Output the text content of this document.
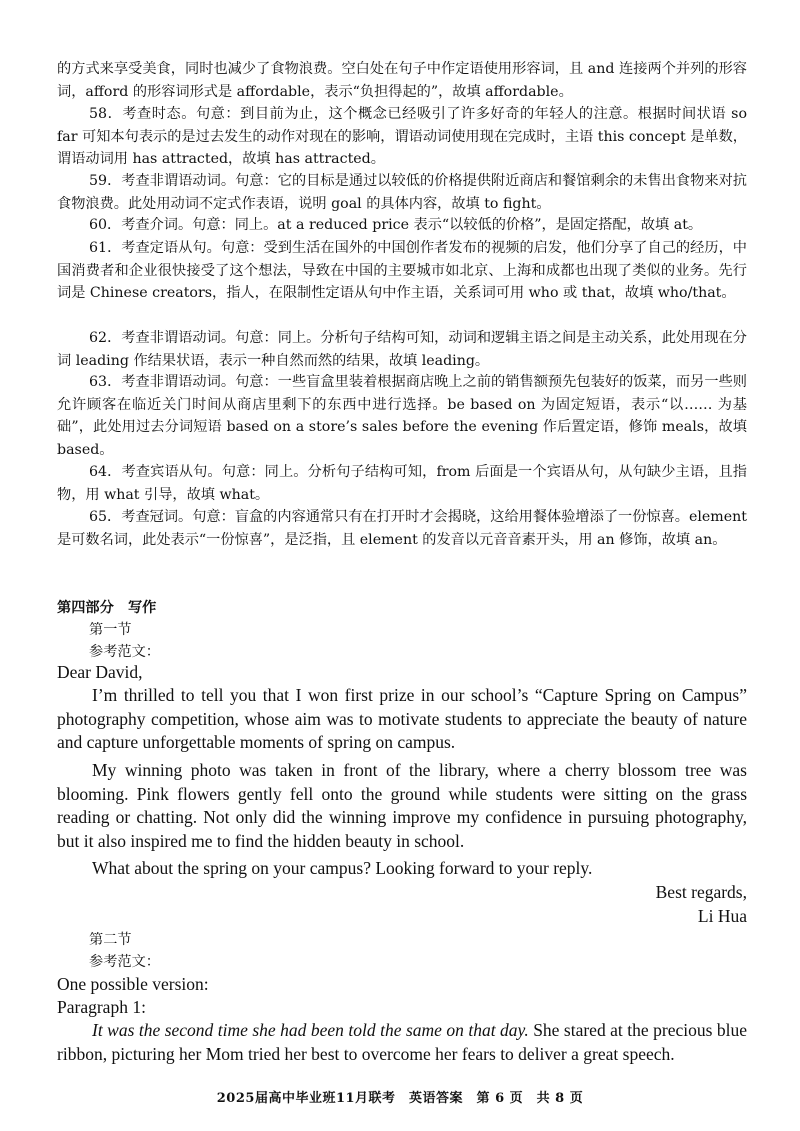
的方式来享受美食，同时也减少了食物浪费。空白处在句子中作定语使用形容词，且 and 连接两个并列的形容词，afford 的形容词形式是 affordable，表示“负担得起的”，故填 affordable。
58．考查时态。句意：到目前为止，这个概念已经吸引了许多好奇的年轻人的注意。根据时间状语 so far 可知本句表示的是过去发生的动作对现在的影响，谓语动词使用现在完成时，主语 this concept 是单数，谓语动词用 has attracted，故填 has attracted。
59．考查非谓语动词。句意：它的目标是通过以较低的价格提供附近商店和餐馆剩余的未售出食物来对抗食物浪费。此处用动词不定式作表语，说明 goal 的具体内容，故填 to fight。
60．考查介词。句意：同上。at a reduced price 表示“以较低的价格”，是固定搭配，故填 at。
61．考查定语从句。句意：受到生活在国外的中国创作者发布的视频的启发，他们分享了自己的经历，中国消费者和企业很快接受了这个想法，导致在中国的主要城市如北京、上海和成都也出现了类似的业务。先行词是 Chinese creators，指人，在限制性定语从句中作主语，关系词可用 who 或 that，故填 who/that。
62．考查非谓语动词。句意：同上。分析句子结构可知，动词和逻辑主语之间是主动关系，此处用现在分词 leading 作结果状语，表示一种自然而然的结果，故填 leading。
63．考查非谓语动词。句意：一些盲盒里装着根据商店晚上之前的销售额预先包装好的饭菜，而另一些则允许顾客在临近关门时间从商店里剩下的东西中进行选择。be based on 为固定短语，表示“以…… 为基础”，此处用过去分词短语 based on a store’s sales before the evening 作后置定语，修饰 meals，故填 based。
64．考查宾语从句。句意：同上。分析句子结构可知，from 后面是一个宾语从句，从句缺少主语，且指物，用 what 引导，故填 what。
65．考查冠词。句意：盲盒的内容通常只有在打开时才会揭晓，这给用餐体验增添了一份惊喜。element 是可数名词，此处表示“一份惊喜”，是泛指，且 element 的发音以元音音素开头，用 an 修饰，故填 an。
第四部分　写作
第一节
参考范文：
Dear David,
I’m thrilled to tell you that I won first prize in our school’s “Capture Spring on Campus” photography competition, whose aim was to motivate students to appreciate the beauty of nature and capture unforgettable moments of spring on campus.
My winning photo was taken in front of the library, where a cherry blossom tree was blooming. Pink flowers gently fell onto the ground while students were sitting on the grass reading or chatting. Not only did the winning improve my confidence in pursuing photography, but it also inspired me to find the hidden beauty in school.
What about the spring on your campus? Looking forward to your reply.
Best regards,
Li Hua
第二节
参考范文：
One possible version:
Paragraph 1:
It was the second time she had been told the same on that day. She stared at the precious blue ribbon, picturing her Mom tried her best to overcome her fears to deliver a great speech.
2025届高中毕业班11月联考　英语答案　第 6 页　共 8 页
